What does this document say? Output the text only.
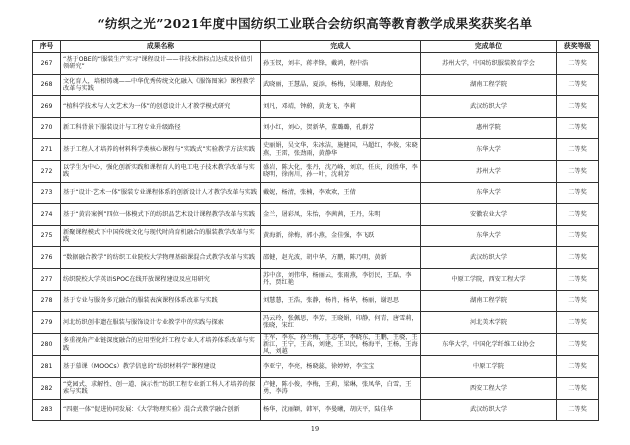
“纺织之光”2021年度中国纺织工业联合会纺织高等教育教学成果奖获奖名单
序号	成果名称	完成人	完成单位	获奖等级
267	“基于OBE的“服装生产实习”课程设计——非技术指标点达成及价值引领研究”	孙玉钗，刘丰，蒋孝锋，戴鸿，程中浩	苏州大学，中国纺织服装教育学会	二等奖
268	文化育人，培根铸魂——中华优秀传统文化融入《服饰图案》课程教学改革与实践	武晓丽，王慧晶，夏添，杨梅，吴珊珊，殷海伦	湖南工程学院	二等奖
269	“植科学技术与人文艺术为一体”的创意设计人才教学模式研究	刘凡，邓靖，钟蔚，黄龙飞，李莉	武汉纺织大学	二等奖
270	新工科背景下服装设计与工程专业升级路径	刘小红，刘心，贺新华，董璐璐，孔群芳	惠州学院	二等奖
271	基于工程人才培养的材料科学类核心课程与“实践式”实验教学方法实践	史丽娟，吴文华，朱冰洁，施健国，马超红，李俊，宋晓燕，王雷，张劲雨，黄静华	东华大学	二等奖
272	以学生为中心，强化创新实践和课程育人的电工电子技术教学改革与实践	盛岩，陈大化，张丹，沈乃峰，刘京，任庆，段胜华，李晓明，徐南川，孙一叶，沈莉芳	苏州大学	二等奖
273	基于“设计·艺术一体”服装专业课程体系的创新设计人才教学改革与实践	戴妮，杨清，张楠，李欢欢，王倩	东华大学	二等奖
274	基于“黄岩案例”四位一体模式下的纺织品艺术设计课程教学改革与实践	金兰，屠彩凤，朱怡，李茜茜，王丹，朱明	安徽农业大学	二等奖
275	新聚课程模式下中国传统文化与现代时尚育机融合的服装教学改革与实践	黄海新，徐梅，郭小燕，金佳强，李飞跃	东华大学	二等奖
276	“数据融合教学”的纺织工业院校大学物理基础课混合式教学改革与实践	邵健，赵光波，胡中华，方鹏，陈乃明，黄新	武汉纺织大学	二等奖
277	纺织院校大学英语SPOC在线开放课程建设及应用研究	苏中彦，刘伟华，杨丽云，张雨燕，李衍民，王磊，李丹，贾红艳	中原工学院，西安工程大学	二等奖
278	基于专业与服务多元融合的服装表演课程体系改革与实践	刘慧慧，王浩，张静，杨肖，杨华，杨丽，谢思思	湖南工程学院	二等奖
279	河北纺织创非遗在服装与服饰设计专业教学中的实践与探索	冯云玲，张佩思，李芳，王晓娟，印静，何青，唐雪莉，张晓，宋红	河北美术学院	二等奖
280	多重视角产业链深度融合的应用型化纤工程专业人才培养体系改革与实践	王军，李东，孙兰梅，王志华，李晓东，王鹏，王骁，王新江，王宁，王高，刘建，王卫民，杨海平，王杨，王海风，刘越	东华大学，中国化学纤维工业协会	二等奖
281	基于慕课（MOOCs）教学信息的“纺织材料学”课程建设	李亚宁，李亮，杨晓蕊，徐婷婷，李宝宝	中原工学院	二等奖
282	“党园式、求解性、创一道、演示性”纺织工程专业新工科人才培养的探索与实践	卢健，陈小俊，李梅，王莉，梁琳，张凤华，白雪，王勇，李涛	西安工程大学	二等奖
283	“四驱一体”促进协同发展：《大学物理实验》混合式教学融合创新	杨华，沈丽颖，韩军，李曼曦，胡庆平，陆佳华	武汉纺织大学	二等奖
19
